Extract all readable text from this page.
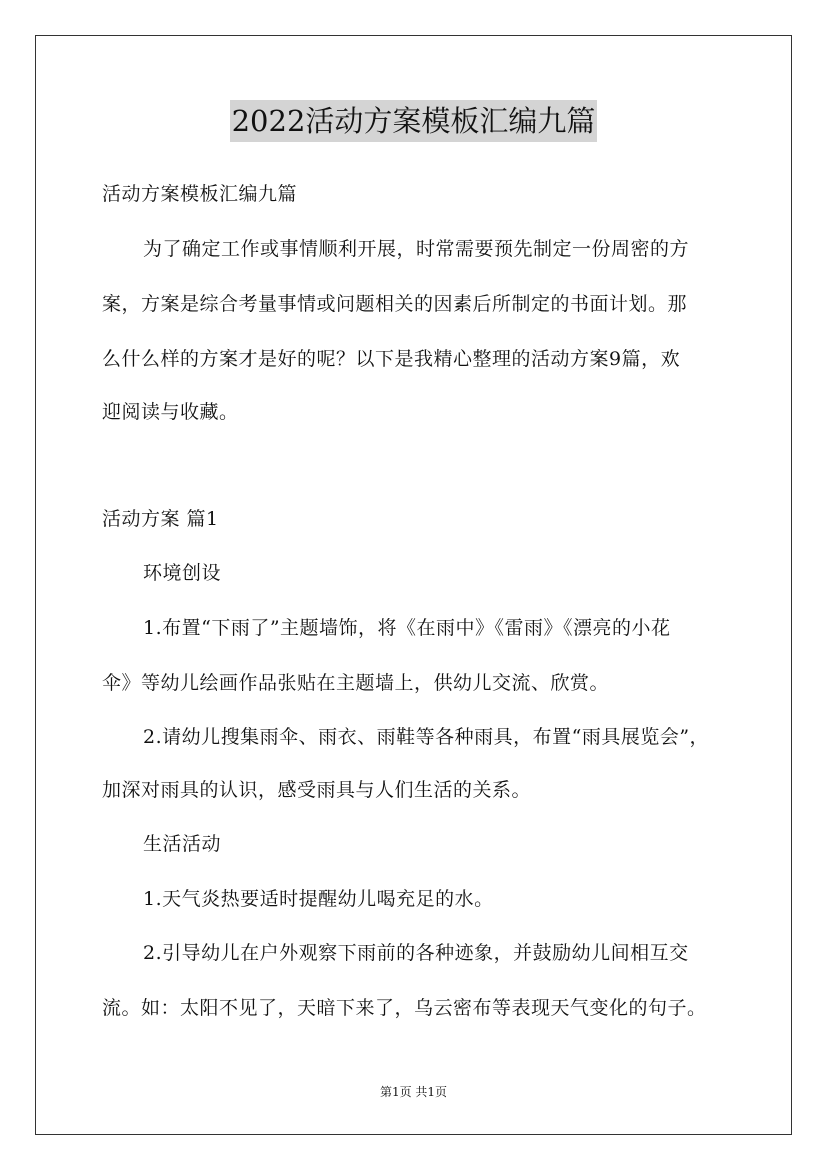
2022活动方案模板汇编九篇
活动方案模板汇编九篇
为了确定工作或事情顺利开展，时常需要预先制定一份周密的方
案，方案是综合考量事情或问题相关的因素后所制定的书面计划。那
么什么样的方案才是好的呢？以下是我精心整理的活动方案9篇，欢
迎阅读与收藏。
活动方案 篇1
环境创设
1.布置“下雨了”主题墙饰，将《在雨中》《雷雨》《漂亮的小花
伞》等幼儿绘画作品张贴在主题墙上，供幼儿交流、欣赏。
2.请幼儿搜集雨伞、雨衣、雨鞋等各种雨具，布置“雨具展览会”，
加深对雨具的认识，感受雨具与人们生活的关系。
生活活动
1.天气炎热要适时提醒幼儿喝充足的水。
2.引导幼儿在户外观察下雨前的各种迹象，并鼓励幼儿间相互交
流。如：太阳不见了，天暗下来了，乌云密布等表现天气变化的句子。
第1页 共1页
